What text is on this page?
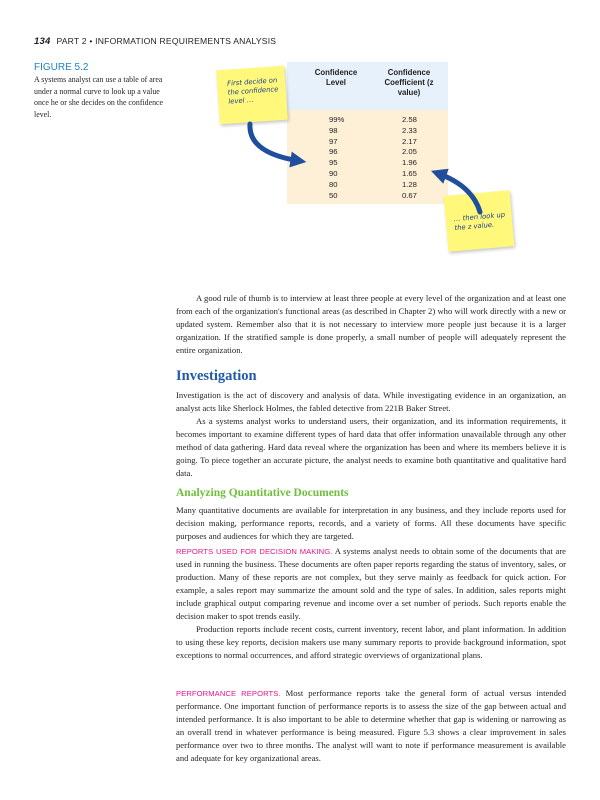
134 PART 2 • INFORMATION REQUIREMENTS ANALYSIS
FIGURE 5.2
A systems analyst can use a table of area under a normal curve to look up a value once he or she decides on the confidence level.
Confidence Level
Confidence Coefficient (z value)
99%	2.58
98	2.33
97	2.17
96	2.05
95	1.96
90	1.65
80	1.28
50	0.67
First decide on the confidence level …
… then look up the z value.
A good rule of thumb is to interview at least three people at every level of the organization and at least one from each of the organization's functional areas (as described in Chapter 2) who will work directly with a new or updated system. Remember also that it is not necessary to interview more people just because it is a larger organization. If the stratified sample is done properly, a small number of people will adequately represent the entire organization.
Investigation

Investigation is the act of discovery and analysis of data. While investigating evidence in an organization, an analyst acts like Sherlock Holmes, the fabled detective from 221B Baker Street.

As a systems analyst works to understand users, their organization, and its information requirements, it becomes important to examine different types of hard data that offer information unavailable through any other method of data gathering. Hard data reveal where the organization has been and where its members believe it is going. To piece together an accurate picture, the analyst needs to examine both quantitative and qualitative hard data.

Analyzing Quantitative Documents
Many quantitative documents are available for interpretation in any business, and they include reports used for decision making, performance reports, records, and a variety of forms. All these documents have specific purposes and audiences for which they are targeted.

REPORTS USED FOR DECISION MAKING. A systems analyst needs to obtain some of the documents that are used in running the business. These documents are often paper reports regarding the status of inventory, sales, or production. Many of these reports are not complex, but they serve mainly as feedback for quick action. For example, a sales report may summarize the amount sold and the type of sales. In addition, sales reports might include graphical output comparing revenue and income over a set number of periods. Such reports enable the decision maker to spot trends easily.

Production reports include recent costs, current inventory, recent labor, and plant information. In addition to using these key reports, decision makers use many summary reports to provide background information, spot exceptions to normal occurrences, and afford strategic overviews of organizational plans.

PERFORMANCE REPORTS. Most performance reports take the general form of actual versus intended performance. One important function of performance reports is to assess the size of the gap between actual and intended performance. It is also important to be able to determine whether that gap is widening or narrowing as an overall trend in whatever performance is being measured. Figure 5.3 shows a clear improvement in sales performance over two to three months. The analyst will want to note if performance measurement is available and adequate for key organizational areas.
